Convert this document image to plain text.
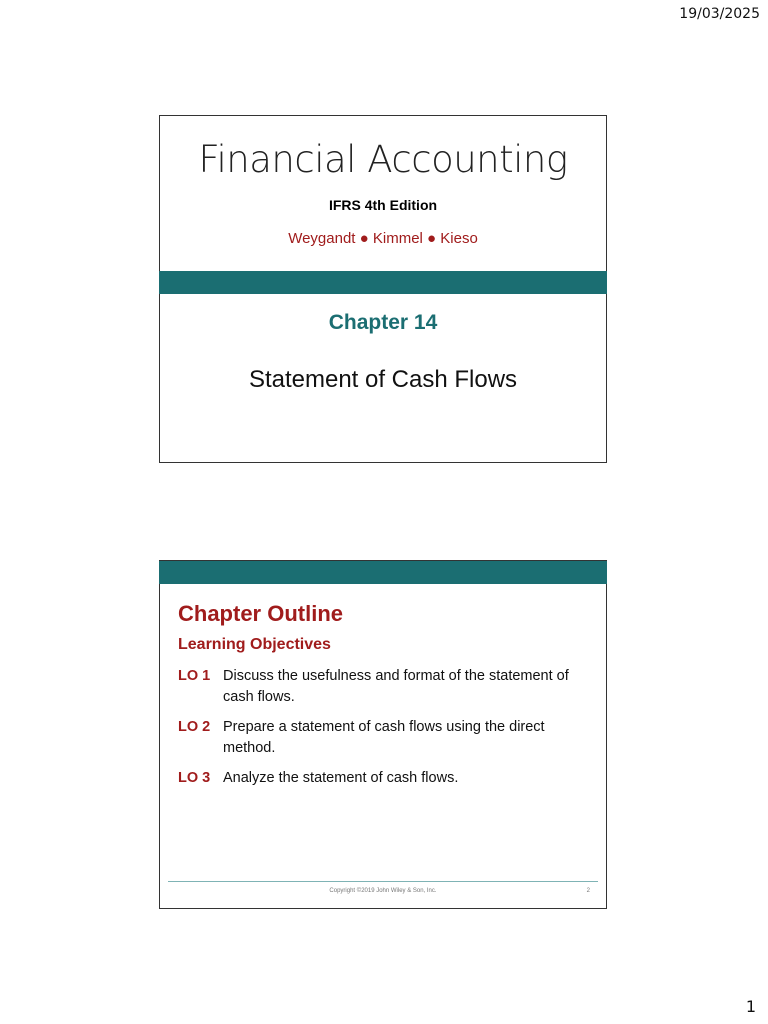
19/03/2025
Financial Accounting
IFRS 4th Edition
Weygandt ● Kimmel ● Kieso
Chapter 14
Statement of Cash Flows
Chapter Outline
Learning Objectives
LO 1 Discuss the usefulness and format of the statement of cash flows.
LO 2 Prepare a statement of cash flows using the direct method.
LO 3 Analyze the statement of cash flows.
Copyright ©2019 John Wiley & Son, Inc.	2
1
